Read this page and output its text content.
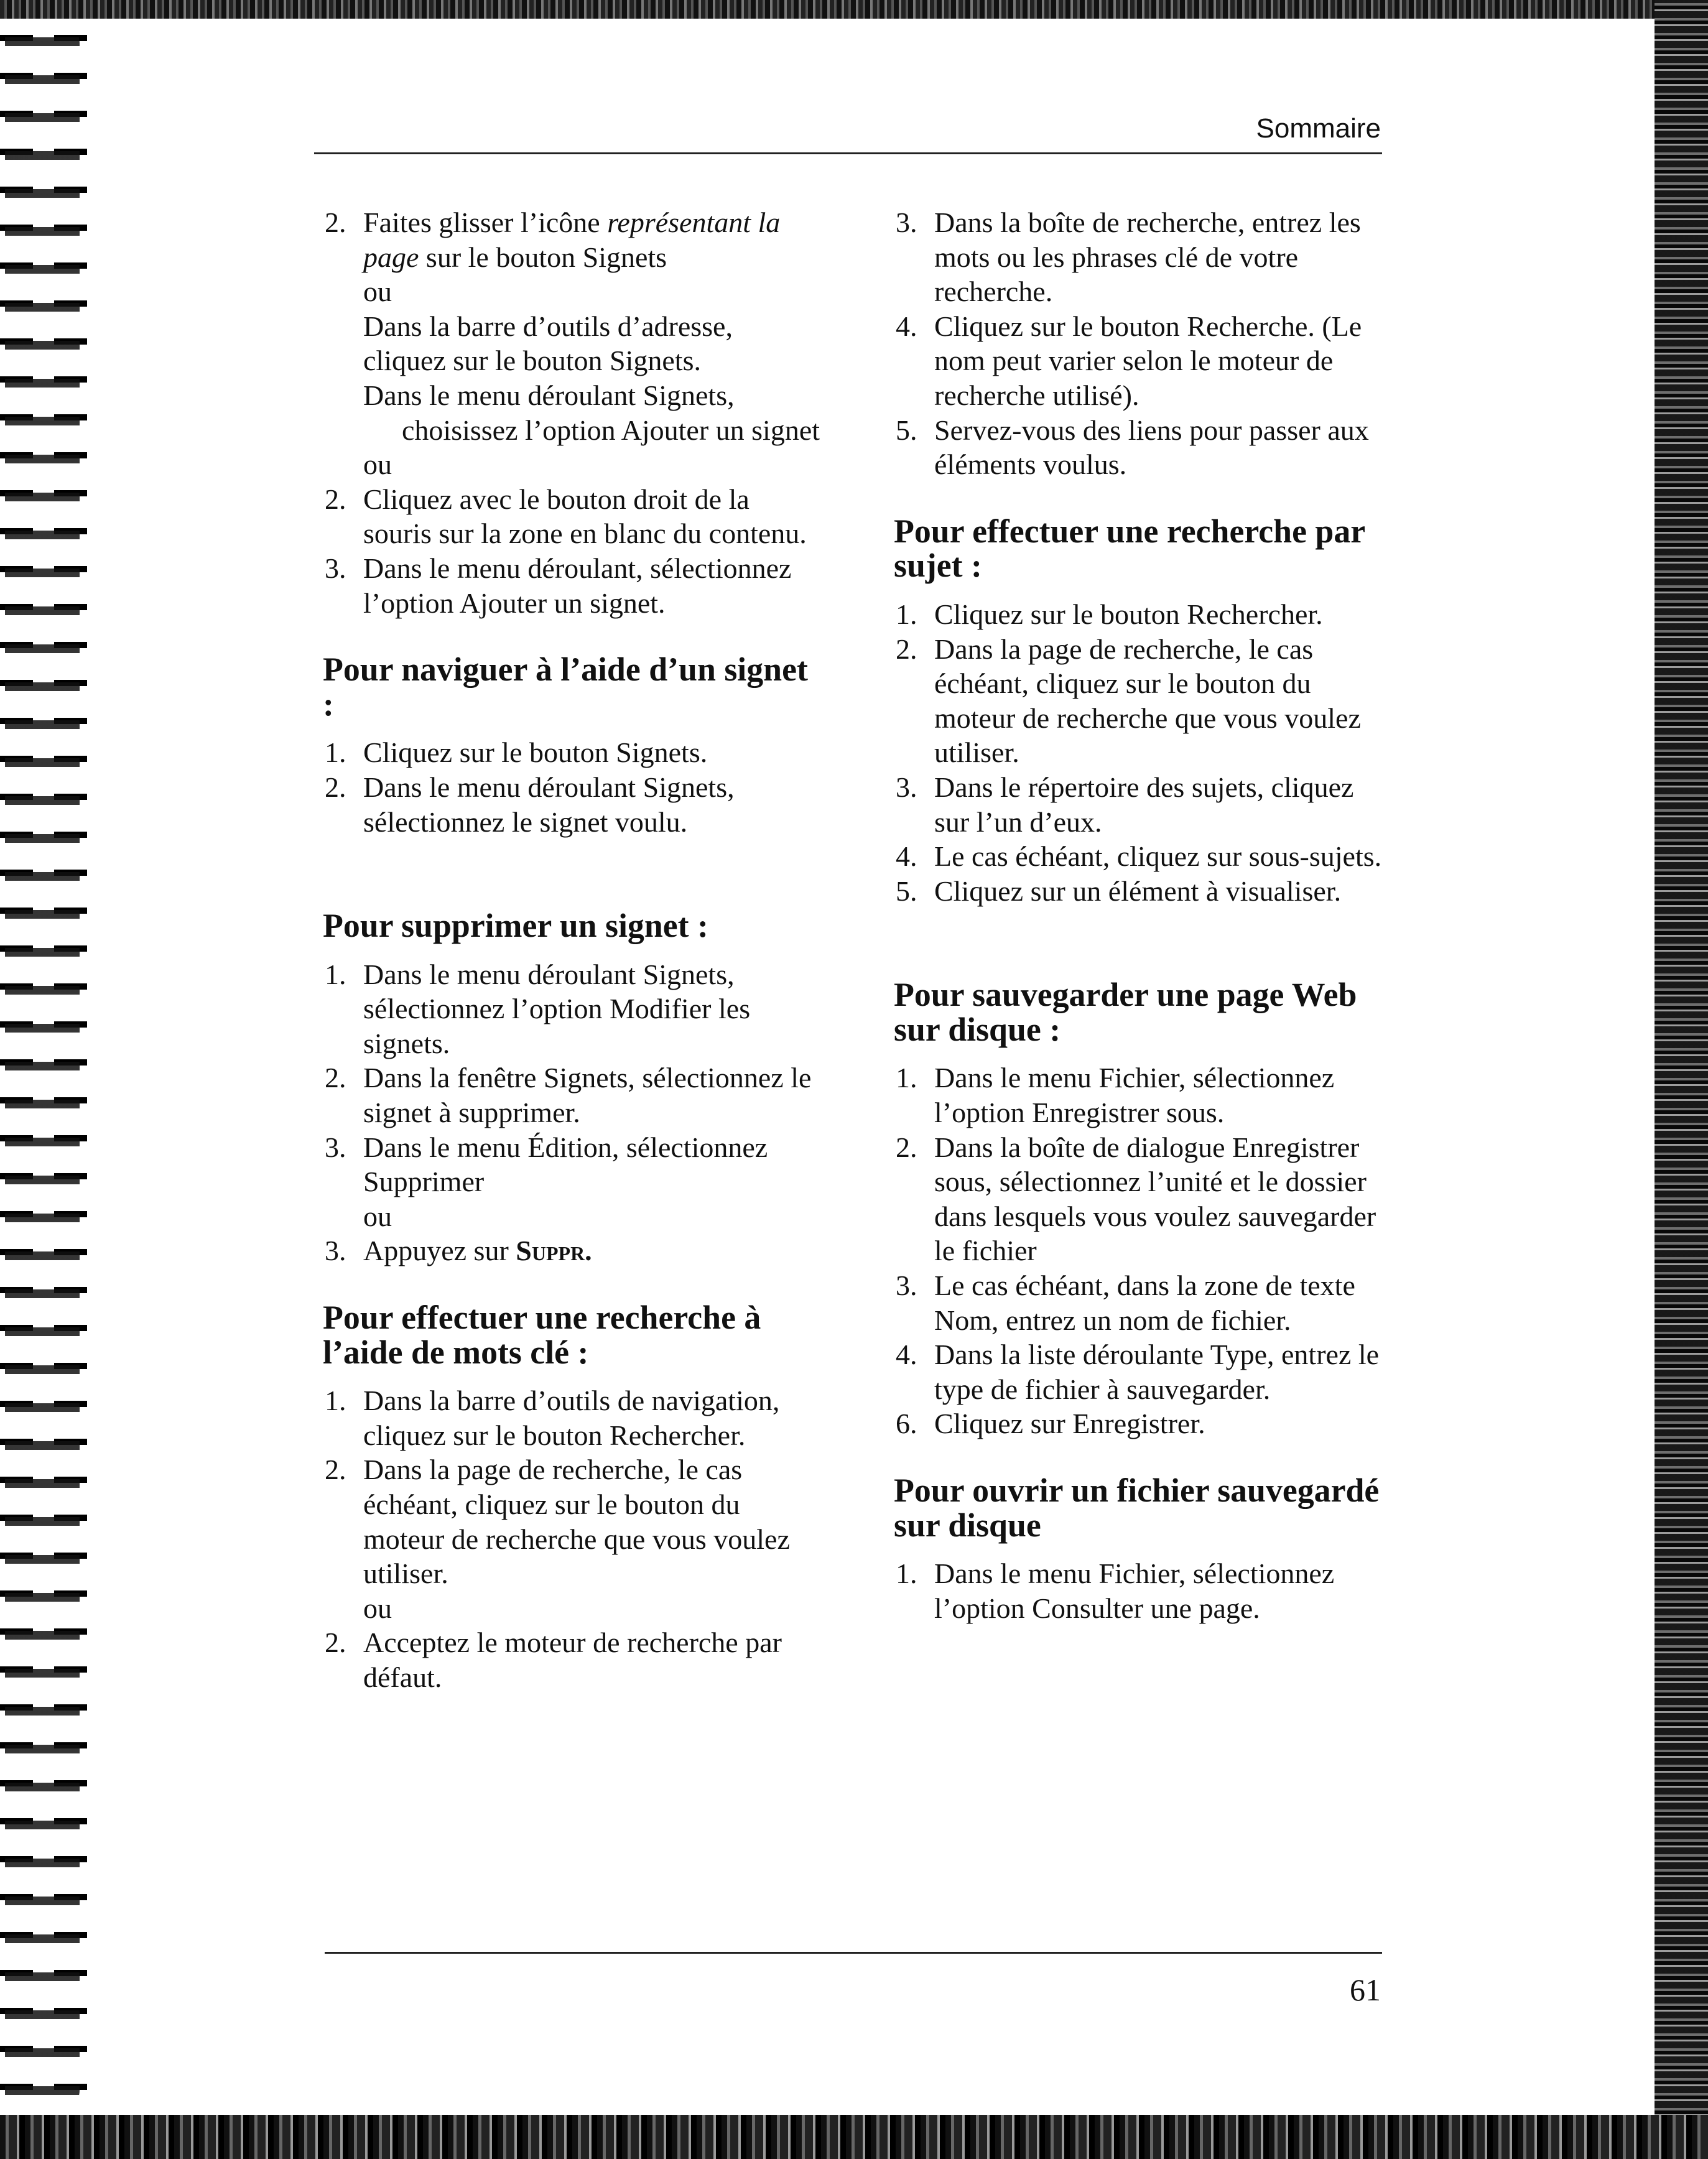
Sommaire
2. Faites glisser l’icône représentant la page sur le bouton Signets

ou

Dans la barre d’outils d’adresse, cliquez sur le bouton Signets.

Dans le menu déroulant Signets, choisissez l’option Ajouter un signet

ou

2. Cliquez avec le bouton droit de la souris sur la zone en blanc du contenu.
3. Dans le menu déroulant, sélectionnez l’option Ajouter un signet.
Pour naviguer à l’aide d’un signet :
1. Cliquez sur le bouton Signets.
2. Dans le menu déroulant Signets, sélectionnez le signet voulu.
Pour supprimer un signet :
1. Dans le menu déroulant Signets, sélectionnez l’option Modifier les signets.
2. Dans la fenêtre Signets, sélectionnez le signet à supprimer.
3. Dans le menu Édition, sélectionnez Supprimer

ou

3. Appuyez sur Suppr.
Pour effectuer une recherche à l’aide de mots clé :
1. Dans la barre d’outils de navigation, cliquez sur le bouton Rechercher.
2. Dans la page de recherche, le cas échéant, cliquez sur le bouton du moteur de recherche que vous voulez utiliser.

ou

2. Acceptez le moteur de recherche par défaut.
3. Dans la boîte de recherche, entrez les mots ou les phrases clé de votre recherche.
4. Cliquez sur le bouton Recherche. (Le nom peut varier selon le moteur de recherche utilisé).
5. Servez-vous des liens pour passer aux éléments voulus.
Pour effectuer une recherche par sujet :
1. Cliquez sur le bouton Rechercher.
2. Dans la page de recherche, le cas échéant, cliquez sur le bouton du moteur de recherche que vous voulez utiliser.
3. Dans le répertoire des sujets, cliquez sur l’un d’eux.
4. Le cas échéant, cliquez sur sous-sujets.
5. Cliquez sur un élément à visualiser.
Pour sauvegarder une page Web sur disque :
1. Dans le menu Fichier, sélectionnez l’option Enregistrer sous.
2. Dans la boîte de dialogue Enregistrer sous, sélectionnez l’unité et le dossier dans lesquels vous voulez sauvegarder le fichier
3. Le cas échéant, dans la zone de texte Nom, entrez un nom de fichier.
4. Dans la liste déroulante Type, entrez le type de fichier à sauvegarder.
6. Cliquez sur Enregistrer.
Pour ouvrir un fichier sauvegardé sur disque
1. Dans le menu Fichier, sélectionnez l’option Consulter une page.
61
